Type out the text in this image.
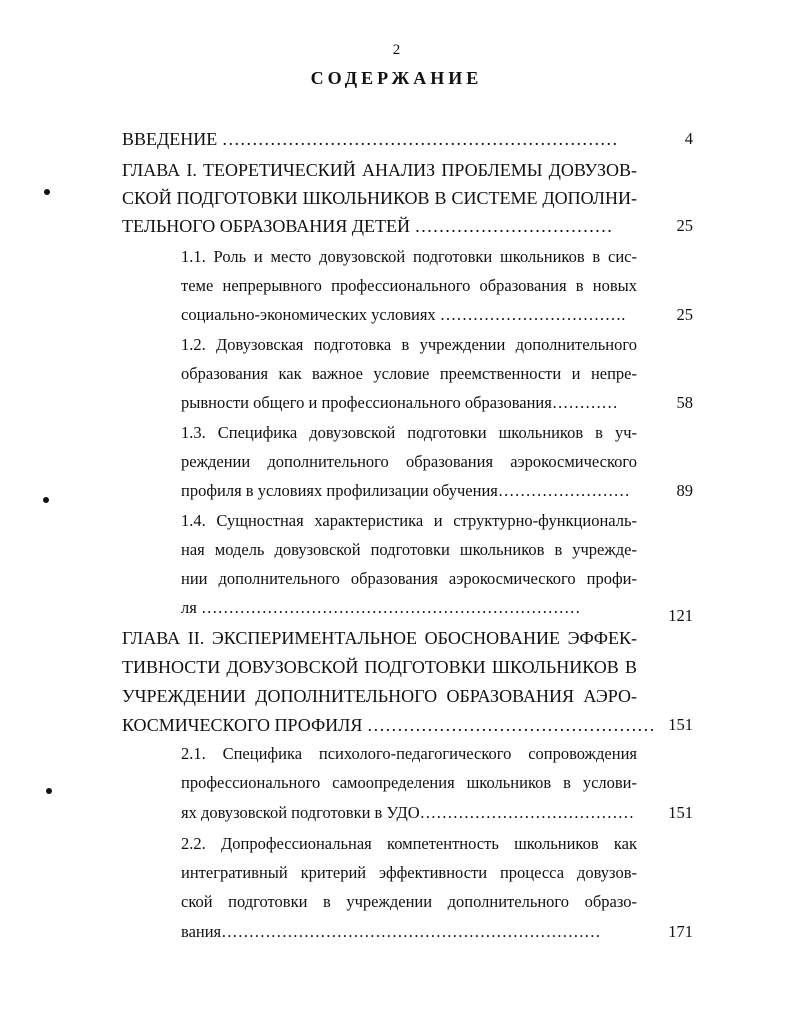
2
СОДЕРЖАНИЕ
ВВЕДЕНИЕ …………………………………………………………	4
ГЛАВА I. ТЕОРЕТИЧЕСКИЙ АНАЛИЗ ПРОБЛЕМЫ ДОВУЗОВ-
СКОЙ ПОДГОТОВКИ ШКОЛЬНИКОВ В СИСТЕМЕ ДОПОЛНИ-
ТЕЛЬНОГО ОБРАЗОВАНИЯ ДЕТЕЙ ……………………………	25
1.1. Роль и место довузовской подготовки школьников в сис-
теме непрерывного профессионального образования в новых
социально-экономических условиях …………………………….	25
1.2. Довузовская подготовка в учреждении дополнительного
образования как важное условие преемственности и непре-
рывности общего и профессионального образования…………	58
1.3. Специфика довузовской подготовки школьников в уч-
реждении дополнительного образования аэрокосмического
профиля в условиях профилизации обучения……………………	89
1.4. Сущностная характеристика и структурно-функциональ-
ная модель довузовской подготовки школьников в учрежде-
нии дополнительного образования аэрокосмического профи-
ля ……………………………………………………………	121
ГЛАВА II. ЭКСПЕРИМЕНТАЛЬНОЕ ОБОСНОВАНИЕ ЭФФЕК-
ТИВНОСТИ ДОВУЗОВСКОЙ ПОДГОТОВКИ ШКОЛЬНИКОВ В
УЧРЕЖДЕНИИ ДОПОЛНИТЕЛЬНОГО ОБРАЗОВАНИЯ АЭРО-
КОСМИЧЕСКОГО ПРОФИЛЯ ………………………………………… 151
2.1. Специфика психолого-педагогического сопровождения
профессионального самоопределения школьников в услови-
ях довузовской подготовки в УДО…………………………………	151
2.2. Допрофессиональная компетентность школьников как
интегративный критерий эффективности процесса довузов-
ской подготовки в учреждении дополнительного образо-
вания……………………………………………………………	171
